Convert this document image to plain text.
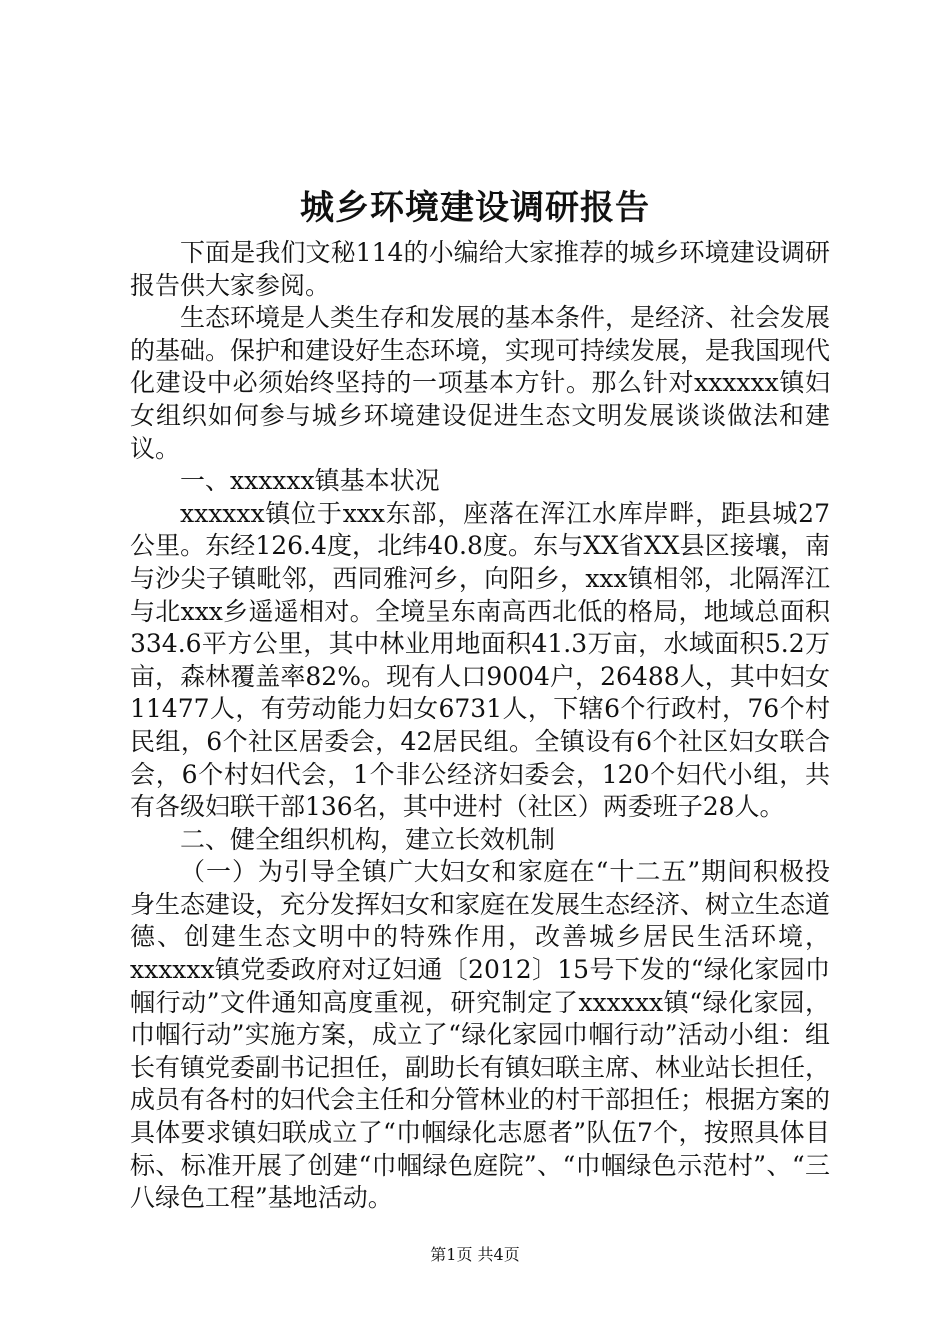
城乡环境建设调研报告

下面是我们文秘114的小编给大家推荐的城乡环境建设调研报告供大家参阅。

生态环境是人类生存和发展的基本条件，是经济、社会发展的基础。保护和建设好生态环境，实现可持续发展，是我国现代化建设中必须始终坚持的一项基本方针。那么针对xxxxxx镇妇女组织如何参与城乡环境建设促进生态文明发展谈谈做法和建议。

一、xxxxxx镇基本状况

xxxxxx镇位于xxx东部，座落在浑江水库岸畔，距县城27公里。东经126.4度，北纬40.8度。东与XX省XX县区接壤，南与沙尖子镇毗邻，西同雅河乡，向阳乡，xxx镇相邻，北隔浑江与北xxx乡遥遥相对。全境呈东南高西北低的格局，地域总面积334.6平方公里，其中林业用地面积41.3万亩，水域面积5.2万亩，森林覆盖率82%。现有人口9004户，26488人，其中妇女11477人，有劳动能力妇女6731人，下辖6个行政村，76个村民组，6个社区居委会，42居民组。全镇设有6个社区妇女联合会，6个村妇代会，1个非公经济妇委会，120个妇代小组，共有各级妇联干部136名，其中进村（社区）两委班子28人。

二、健全组织机构，建立长效机制

（一）为引导全镇广大妇女和家庭在“十二五”期间积极投身生态建设，充分发挥妇女和家庭在发展生态经济、树立生态道德、创建生态文明中的特殊作用，改善城乡居民生活环境，xxxxxx镇党委政府对辽妇通〔2012〕15号下发的“绿化家园巾帼行动”文件通知高度重视，研究制定了xxxxxx镇“绿化家园，巾帼行动”实施方案，成立了“绿化家园巾帼行动”活动小组：组长有镇党委副书记担任，副助长有镇妇联主席、林业站长担任，成员有各村的妇代会主任和分管林业的村干部担任；根据方案的具体要求镇妇联成立了“巾帼绿化志愿者”队伍7个，按照具体目标、标准开展了创建“巾帼绿色庭院”、“巾帼绿色示范村”、“三八绿色工程”基地活动。

第1页 共4页
